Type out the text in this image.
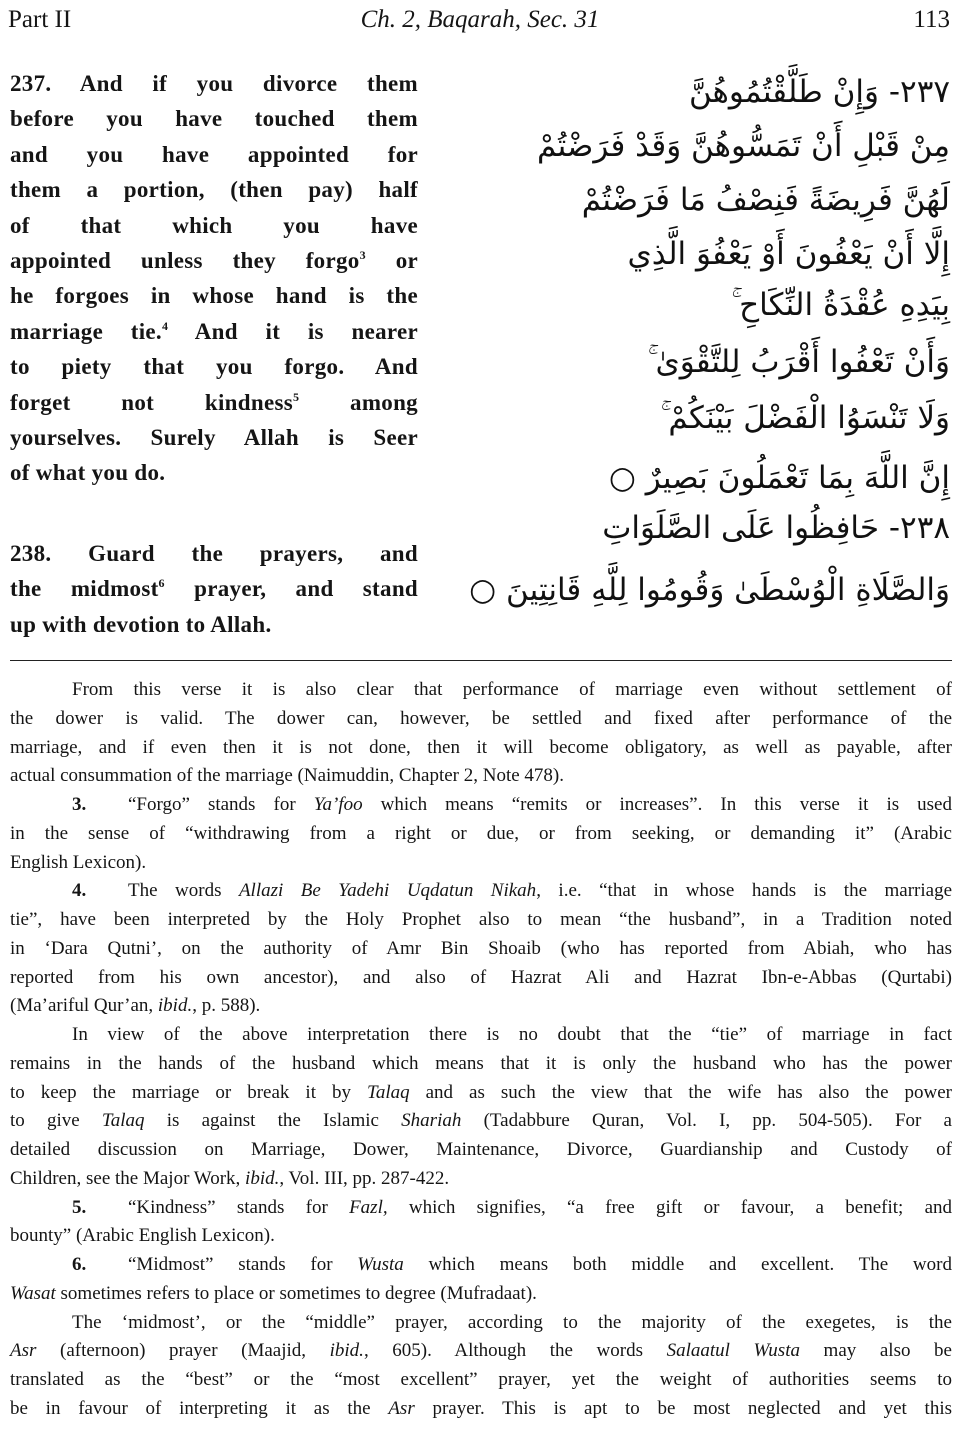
Part II	Ch. 2, Baqarah, Sec. 31	113
237. And if you divorce them
before you have touched them
and you have appointed for
them a portion, (then pay) half
of that which you have
appointed unless they forgo$^3$ or
he forgoes in whose hand is the
marriage tie.$^4$ And it is nearer
to piety that you forgo. And
forget not kindness$^5$ among
yourselves. Surely Allah is Seer
of what you do.
238. Guard the prayers, and
the midmost$^6$ prayer, and stand
up with devotion to Allah.
۲۳۷- وَإِنْ طَلَّقْتُمُوهُنَّ
مِنْ قَبْلِ أَنْ تَمَسُّوهُنَّ وَقَدْ فَرَضْتُمْ
لَهُنَّ فَرِيضَةً فَنِصْفُ مَا فَرَضْتُمْ
إِلَّا أَنْ يَعْفُونَ أَوْ يَعْفُوَ الَّذِي
بِيَدِهِ عُقْدَةُ النِّكَاحِ ۚ
وَأَنْ تَعْفُوا أَقْرَبُ لِلتَّقْوَىٰ ۚ
وَلَا تَنْسَوُا الْفَضْلَ بَيْنَكُمْ ۚ
إِنَّ اللَّهَ بِمَا تَعْمَلُونَ بَصِيرٌ ○
۲۳۸- حَافِظُوا عَلَى الصَّلَوَاتِ
وَالصَّلَاةِ الْوُسْطَىٰ وَقُومُوا لِلَّهِ قَانِتِينَ ○
From this verse it is also clear that performance of marriage even without settlement of
the dower is valid. The dower can, however, be settled and fixed after performance of the
marriage, and if even then it is not done, then it will become obligatory, as well as payable, after
actual consummation of the marriage (Naimuddin, Chapter 2, Note 478).
3. “Forgo” stands for Ya’foo which means “remits or increases”. In this verse it is used
in the sense of “withdrawing from a right or due, or from seeking, or demanding it” (Arabic
English Lexicon).
4. The words Allazi Be Yadehi Uqdatun Nikah, i.e. “that in whose hands is the marriage
tie”, have been interpreted by the Holy Prophet also to mean “the husband”, in a Tradition noted
in ‘Dara Qutni’, on the authority of Amr Bin Shoaib (who has reported from Abiah, who has
reported from his own ancestor), and also of Hazrat Ali and Hazrat Ibn-e-Abbas (Qurtabi)
(Ma’ariful Qur’an, ibid., p. 588).
In view of the above interpretation there is no doubt that the “tie” of marriage in fact
remains in the hands of the husband which means that it is only the husband who has the power
to keep the marriage or break it by Talaq and as such the view that the wife has also the power
to give Talaq is against the Islamic Shariah (Tadabbure Quran, Vol. I, pp. 504-505). For a
detailed discussion on Marriage, Dower, Maintenance, Divorce, Guardianship and Custody of
Children, see the Major Work, ibid., Vol. III, pp. 287-422.
5. “Kindness” stands for Fazl, which signifies, “a free gift or favour, a benefit; and
bounty” (Arabic English Lexicon).
6. “Midmost” stands for Wusta which means both middle and excellent. The word
Wasat sometimes refers to place or sometimes to degree (Mufradaat).
The ‘midmost’, or the “middle” prayer, according to the majority of the exegetes, is the
Asr (afternoon) prayer (Maajid, ibid., 605). Although the words Salaatul Wusta may also be
translated as the “best” or the “most excellent” prayer, yet the weight of authorities seems to
be in favour of interpreting it as the Asr prayer. This is apt to be most neglected and yet this
